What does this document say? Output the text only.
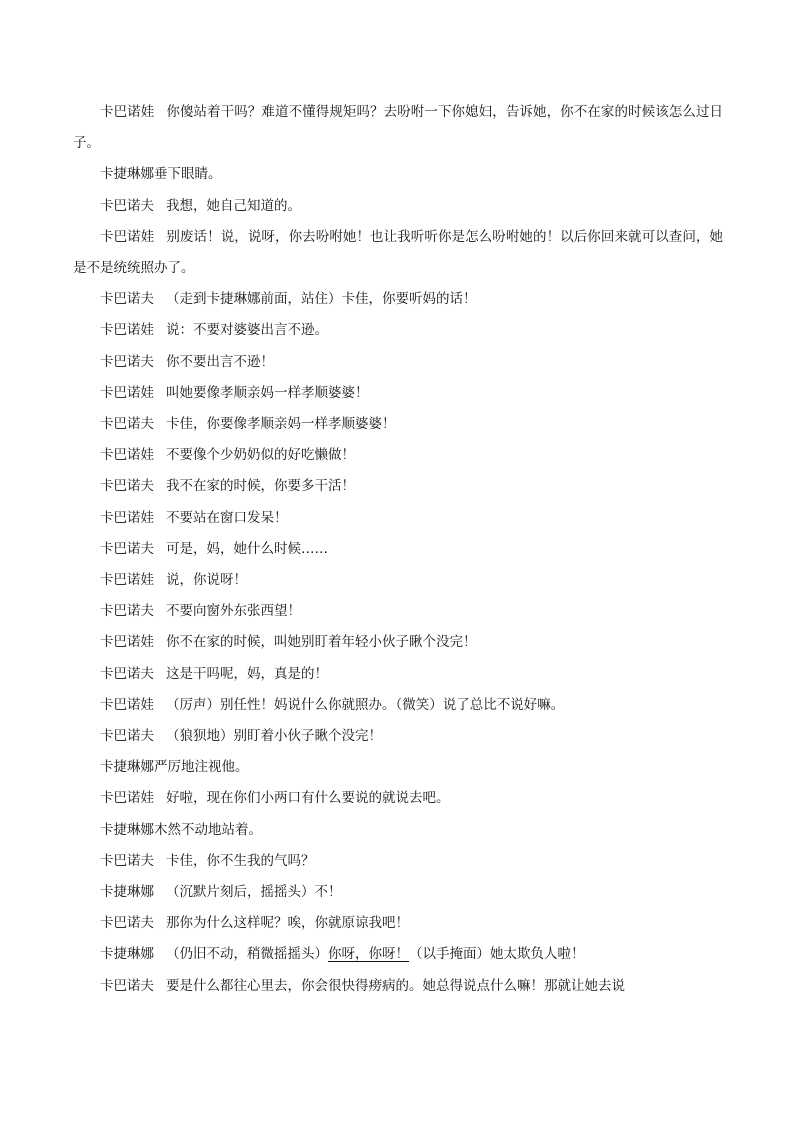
卡巴诺娃 你傻站着干吗？难道不懂得规矩吗？去吩咐一下你媳妇，告诉她，你不在家的时候该怎么过日子。

卡捷琳娜垂下眼睛。

卡巴诺夫 我想，她自己知道的。

卡巴诺娃 别废话！说，说呀，你去吩咐她！也让我听听你是怎么吩咐她的！以后你回来就可以查问，她是不是统统照办了。

卡巴诺夫 （走到卡捷琳娜前面，站住）卡佳，你要听妈的话！

卡巴诺娃 说：不要对婆婆出言不逊。

卡巴诺夫 你不要出言不逊！

卡巴诺娃 叫她要像孝顺亲妈一样孝顺婆婆！

卡巴诺夫 卡佳，你要像孝顺亲妈一样孝顺婆婆！

卡巴诺娃 不要像个少奶奶似的好吃懒做！

卡巴诺夫 我不在家的时候，你要多干活！

卡巴诺娃 不要站在窗口发呆！

卡巴诺夫 可是，妈，她什么时候……

卡巴诺娃 说，你说呀！

卡巴诺夫 不要向窗外东张西望！

卡巴诺娃 你不在家的时候，叫她别盯着年轻小伙子瞅个没完！

卡巴诺夫 这是干吗呢，妈，真是的！

卡巴诺娃 （厉声）别任性！妈说什么你就照办。（微笑）说了总比不说好嘛。

卡巴诺夫 （狼狈地）别盯着小伙子瞅个没完！

卡捷琳娜严厉地注视他。

卡巴诺娃 好啦，现在你们小两口有什么要说的就说去吧。

卡捷琳娜木然不动地站着。

卡巴诺夫 卡佳，你不生我的气吗？

卡捷琳娜 （沉默片刻后，摇摇头）不！

卡巴诺夫 那你为什么这样呢？唉，你就原谅我吧！

卡捷琳娜 （仍旧不动，稍微摇摇头）你呀，你呀！（以手掩面）她太欺负人啦！

卡巴诺夫 要是什么都往心里去，你会很快得痨病的。她总得说点什么嘛！那就让她去说
